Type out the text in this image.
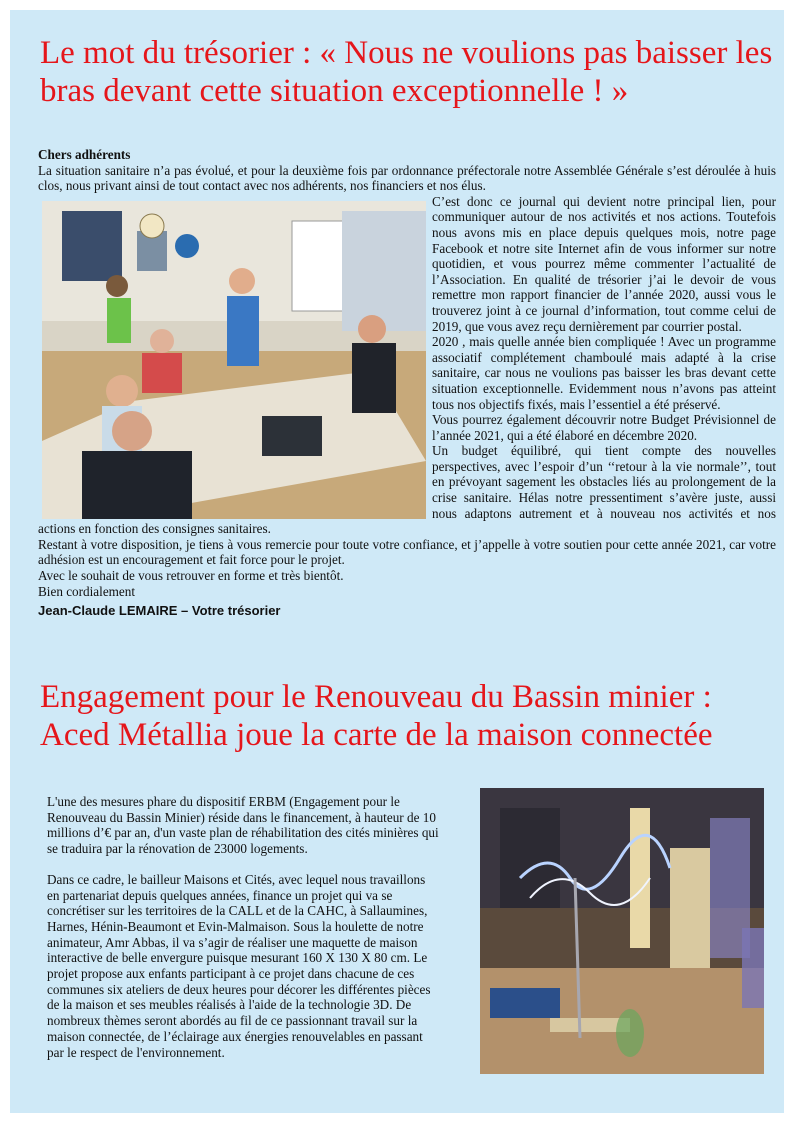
Le mot du trésorier : « Nous ne voulions pas baisser les bras devant cette situation exceptionnelle ! »

Chers adhérents

La situation sanitaire n’a pas évolué, et pour la deuxième fois par ordonnance préfectorale notre Assemblée Générale s’est déroulée à huis clos, nous privant ainsi de tout contact avec nos adhérents, nos financiers et nos élus.

C’est donc ce journal qui devient notre principal lien, pour communiquer autour de nos activités et nos actions. Toutefois nous avons mis en place depuis quelques mois, notre page Facebook et notre site Internet afin de vous informer sur notre quotidien, et vous pourrez même commenter l’actualité de l’Association. En qualité de trésorier j’ai le devoir de vous remettre mon rapport financier de l’année 2020, aussi vous le trouverez joint à ce journal d’information, tout comme celui de 2019, que vous avez reçu dernièrement par courrier postal.

2020 , mais quelle année bien compliquée ! Avec un programme associatif complétement chamboulé mais adapté à la crise sanitaire, car nous ne voulions pas baisser les bras devant cette situation exceptionnelle. Evidemment nous n’avons pas atteint tous nos objectifs fixés, mais l’essentiel a été préservé.

Vous pourrez également découvrir notre Budget Prévisionnel de l’année 2021, qui a été élaboré en décembre 2020.

Un budget équilibré, qui tient compte des nouvelles perspectives, avec l’espoir d’un ‘‘retour à la vie normale’’, tout en prévoyant sagement les obstacles liés au prolongement de la crise sanitaire. Hélas notre pressentiment s’avère juste, aussi nous adaptons autrement et à nouveau nos activités et nos actions en fonction des consignes sanitaires.

Restant à votre disposition, je tiens à vous remercie pour toute votre confiance, et j’appelle à votre soutien pour cette année 2021, car votre adhésion est un encouragement et fait force pour le projet.

Avec le souhait de vous retrouver en forme et très bientôt.

Bien cordialement

Jean-Claude LEMAIRE – Votre trésorier

Engagement pour le Renouveau du Bassin minier : Aced Métallia joue la carte de la maison connectée

L'une des mesures phare du dispositif ERBM (Engagement pour le Renouveau du Bassin Minier) réside dans le financement, à hauteur de 10 millions d’€ par an, d'un vaste plan de réhabilitation des cités minières qui se traduira par la rénovation de 23000 logements.

Dans ce cadre, le bailleur Maisons et Cités, avec lequel nous travaillons en partenariat depuis quelques années, finance un projet qui va se concrétiser sur les territoires de la CALL et de la CAHC, à Sallaumines, Harnes, Hénin-Beaumont et Evin-Malmaison. Sous la houlette de notre animateur, Amr Abbas, il va s’agir de réaliser une maquette de maison interactive de belle envergure puisque mesurant 160 X 130 X 80 cm. Le projet propose aux enfants participant à ce projet dans chacune de ces communes six ateliers de deux heures pour décorer les différentes pièces de la maison et ses meubles réalisés à l'aide de la technologie 3D. De nombreux thèmes seront abordés au fil de ce passionnant travail sur la maison connectée, de l’éclairage aux énergies renouvelables en passant par le respect de l'environnement.
